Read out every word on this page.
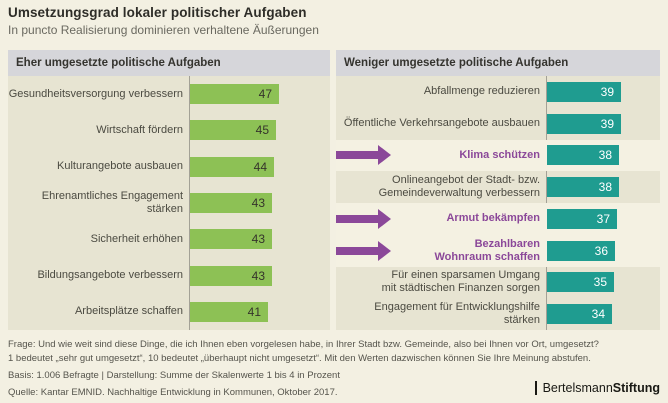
Umsetzungsgrad lokaler politischer Aufgaben
In puncto Realisierung dominieren verhaltene Äußerungen
Eher umgesetzte politische Aufgaben
Gesundheitsversorgung verbessern	47
Wirtschaft fördern	45
Kulturangebote ausbauen	44
Ehrenamtliches Engagement stärken	43
Sicherheit erhöhen	43
Bildungsangebote verbessern	43
Arbeitsplätze schaffen	41
Weniger umgesetzte politische Aufgaben
Abfallmenge reduzieren	39
Öffentliche Verkehrsangebote ausbauen	39
Klima schützen	38
Onlineangebot der Stadt- bzw.
Gemeindeverwaltung verbessern	38
Armut bekämpfen	37
Bezahlbaren
Wohnraum schaffen	36
Für einen sparsamen Umgang
mit städtischen Finanzen sorgen	35
Engagement für Entwicklungshilfe stärken	34
Frage: Und wie weit sind diese Dinge, die ich Ihnen eben vorgelesen habe, in Ihrer Stadt bzw. Gemeinde, also bei Ihnen vor Ort, umgesetzt?
1 bedeutet „sehr gut umgesetzt“, 10 bedeutet „überhaupt nicht umgesetzt“. Mit den Werten dazwischen können Sie Ihre Meinung abstufen.
Basis: 1.006 Befragte | Darstellung: Summe der Skalenwerte 1 bis 4 in Prozent
Quelle: Kantar EMNID. Nachhaltige Entwicklung in Kommunen, Oktober 2017.	BertelsmannStiftung
